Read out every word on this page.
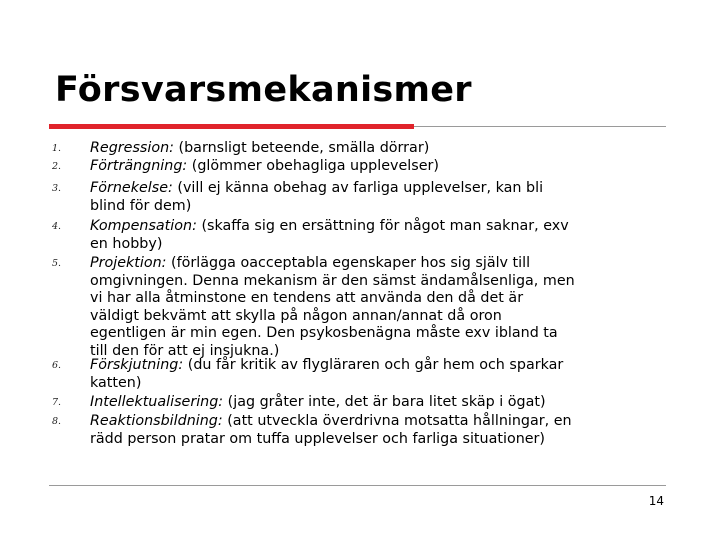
Försvarsmekanismer
1.	Regression: (barnsligt beteende, smälla dörrar)
2.	Förträngning: (glömmer obehagliga upplevelser)
3.	Förnekelse: (vill ej känna obehag av farliga upplevelser, kan bli
blind för dem)
4.	Kompensation: (skaffa sig en ersättning för något man saknar, exv
en hobby)
5.	Projektion: (förlägga oacceptabla egenskaper hos sig själv till
omgivningen. Denna mekanism är den sämst ändamålsenliga, men
vi har alla åtminstone en tendens att använda den då det är
väldigt bekvämt att skylla på någon annan/annat då oron
egentligen är min egen. Den psykosbenägna måste exv ibland ta
till den för att ej insjukna.)
6.	Förskjutning: (du får kritik av flygläraren och går hem och sparkar
katten)
7.	Intellektualisering: (jag gråter inte, det är bara litet skäp i ögat)
8.	Reaktionsbildning: (att utveckla överdrivna motsatta hållningar, en
rädd person pratar om tuffa upplevelser och farliga situationer)
14
